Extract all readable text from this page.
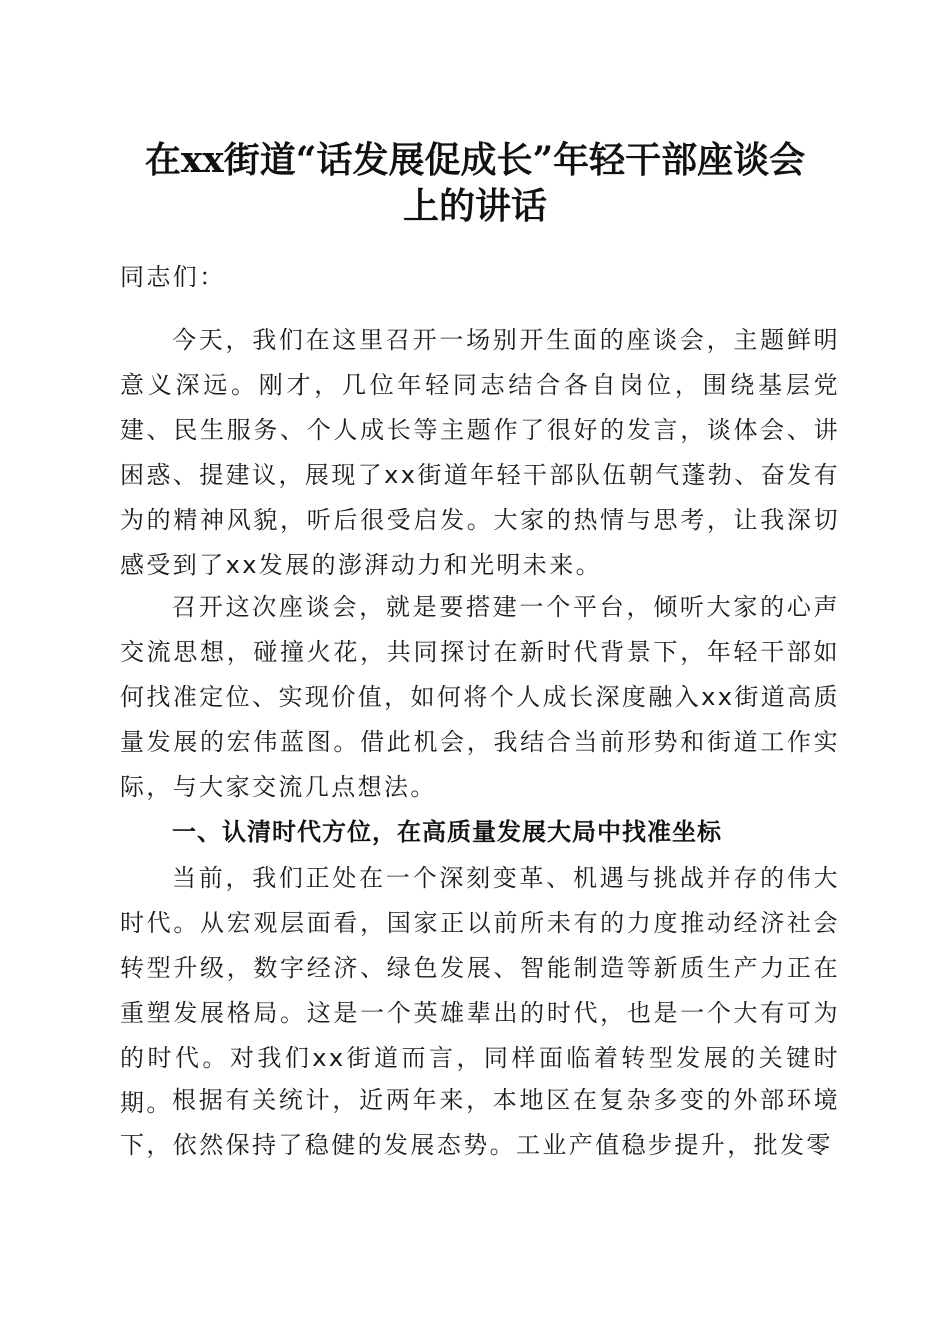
在xx街道“话发展促成长”年轻干部座谈会
上的讲话

同志们：

今天，我们在这里召开一场别开生面的座谈会，主题鲜明意义深远。刚才，几位年轻同志结合各自岗位，围绕基层党建、民生服务、个人成长等主题作了很好的发言，谈体会、讲困惑、提建议，展现了xx街道年轻干部队伍朝气蓬勃、奋发有为的精神风貌，听后很受启发。大家的热情与思考，让我深切感受到了xx发展的澎湃动力和光明未来。

召开这次座谈会，就是要搭建一个平台，倾听大家的心声交流思想，碰撞火花，共同探讨在新时代背景下，年轻干部如何找准定位、实现价值，如何将个人成长深度融入xx街道高质量发展的宏伟蓝图。借此机会，我结合当前形势和街道工作实际，与大家交流几点想法。

一、认清时代方位，在高质量发展大局中找准坐标

当前，我们正处在一个深刻变革、机遇与挑战并存的伟大时代。从宏观层面看，国家正以前所未有的力度推动经济社会转型升级，数字经济、绿色发展、智能制造等新质生产力正在重塑发展格局。这是一个英雄辈出的时代，也是一个大有可为的时代。对我们xx街道而言，同样面临着转型发展的关键时期。 根据有关统计，近两年来，本地区在复杂多变的外部环境下，依然保持了稳健的发展态势。工业产值稳步提升，批发零
